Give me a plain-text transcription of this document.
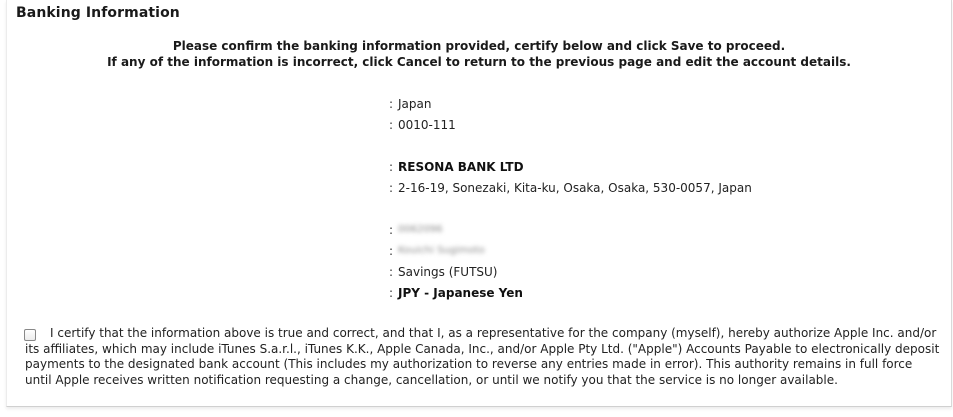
Banking Information
Please confirm the banking information provided, certify below and click Save to proceed.
If any of the information is incorrect, click Cancel to return to the previous page and edit the account details.
: Japan
: 0010-111
: RESONA BANK LTD
: 2-16-19, Sonezaki, Kita-ku, Osaka, Osaka, 530-0057, Japan
: 0062096
: Kouichi Sugimoto
: Savings (FUTSU)
: JPY - Japanese Yen
I certify that the information above is true and correct, and that I, as a representative for the company (myself), hereby authorize Apple Inc. and/or its affiliates, which may include iTunes S.a.r.l., iTunes K.K., Apple Canada, Inc., and/or Apple Pty Ltd. ("Apple") Accounts Payable to electronically deposit payments to the designated bank account (This includes my authorization to reverse any entries made in error). This authority remains in full force until Apple receives written notification requesting a change, cancellation, or until we notify you that the service is no longer available.
